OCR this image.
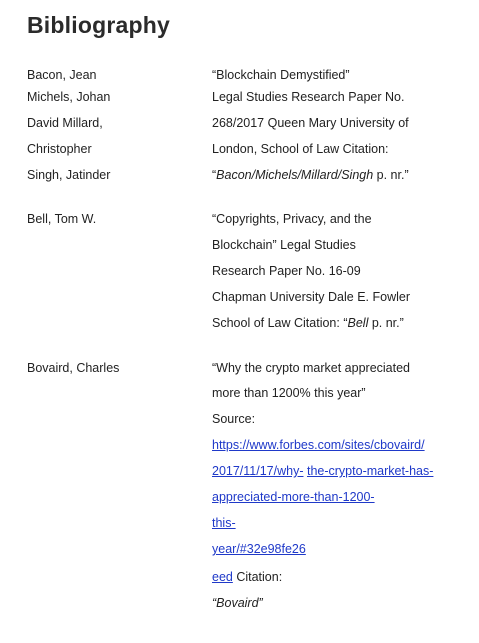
Bibliography
Bacon, Jean
Michels, Johan
David Millard,
Christopher
Singh, Jatinder
“Blockchain Demystified”
Legal Studies Research Paper No.
268/2017 Queen Mary University of
London, School of Law Citation:
“Bacon/Michels/Millard/Singh p. nr.”
Bell, Tom W.	“Copyrights, Privacy, and the
Blockchain” Legal Studies
Research Paper No. 16-09
Chapman University Dale E. Fowler
School of Law Citation: “Bell p. nr.”
Bovaird, Charles	“Why the crypto market appreciated
more than 1200% this year”
Source:
https://www.forbes.com/sites/cbovaird/
2017/11/17/why- the-crypto-market-has-
appreciated-more-than-1200-
this-
year/#32e98fe26
eed Citation:
“Bovaird”
